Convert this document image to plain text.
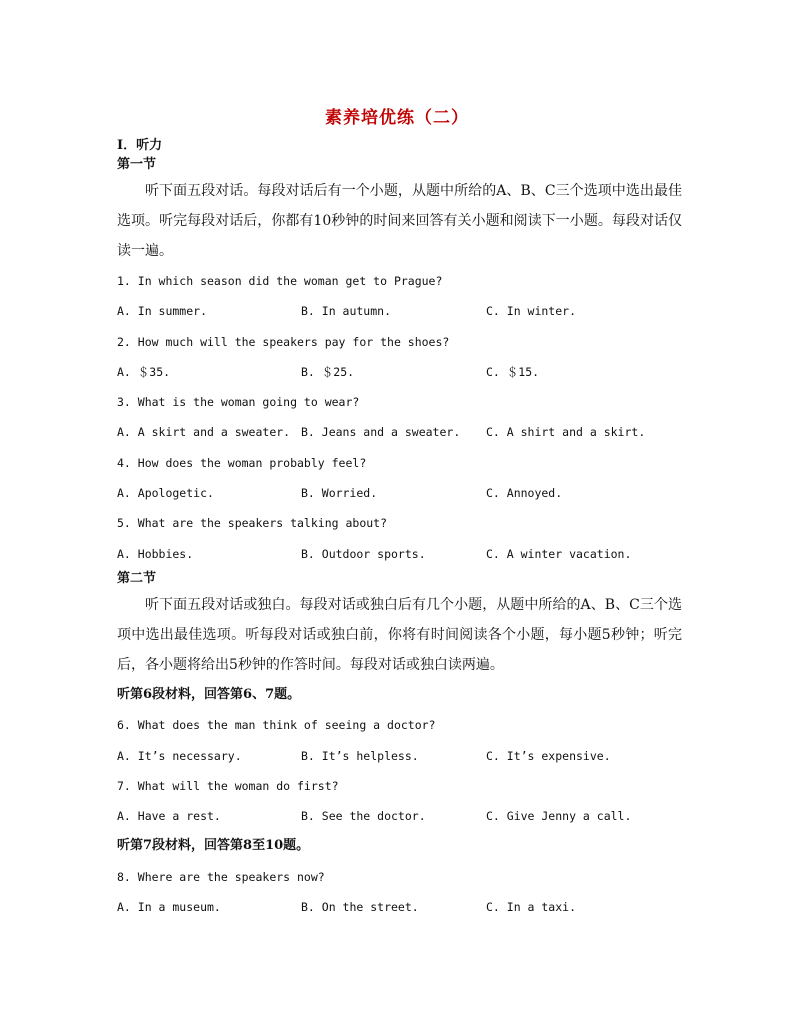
素养培优练（二）
Ⅰ．听力
第一节

听下面五段对话。每段对话后有一个小题，从题中所给的A、B、C三个选项中选出最佳选项。听完每段对话后，你都有10秒钟的时间来回答有关小题和阅读下一小题。每段对话仅读一遍。

1. In which season did the woman get to Prague?
A. In summer.	B. In autumn.	C. In winter.
2. How much will the speakers pay for the shoes?
A. ＄35.	B. ＄25.	C. ＄15.
3. What is the woman going to wear?
A. A skirt and a sweater. B. Jeans and a sweater. C. A shirt and a skirt.
4. How does the woman probably feel?
A. Apologetic.	B. Worried.	C. Annoyed.
5. What are the speakers talking about?
A. Hobbies.	B. Outdoor sports.	C. A winter vacation.
第二节

听下面五段对话或独白。每段对话或独白后有几个小题，从题中所给的A、B、C三个选项中选出最佳选项。听每段对话或独白前，你将有时间阅读各个小题，每小题5秒钟；听完后，各小题将给出5秒钟的作答时间。每段对话或独白读两遍。

听第6段材料，回答第6、7题。
6. What does the man think of seeing a doctor?
A. It’s necessary.	B. It’s helpless.	C. It’s expensive.
7. What will the woman do first?
A. Have a rest.	B. See the doctor.	C. Give Jenny a call.
听第7段材料，回答第8至10题。
8. Where are the speakers now?
A. In a museum.	B. On the street.	C. In a taxi.
